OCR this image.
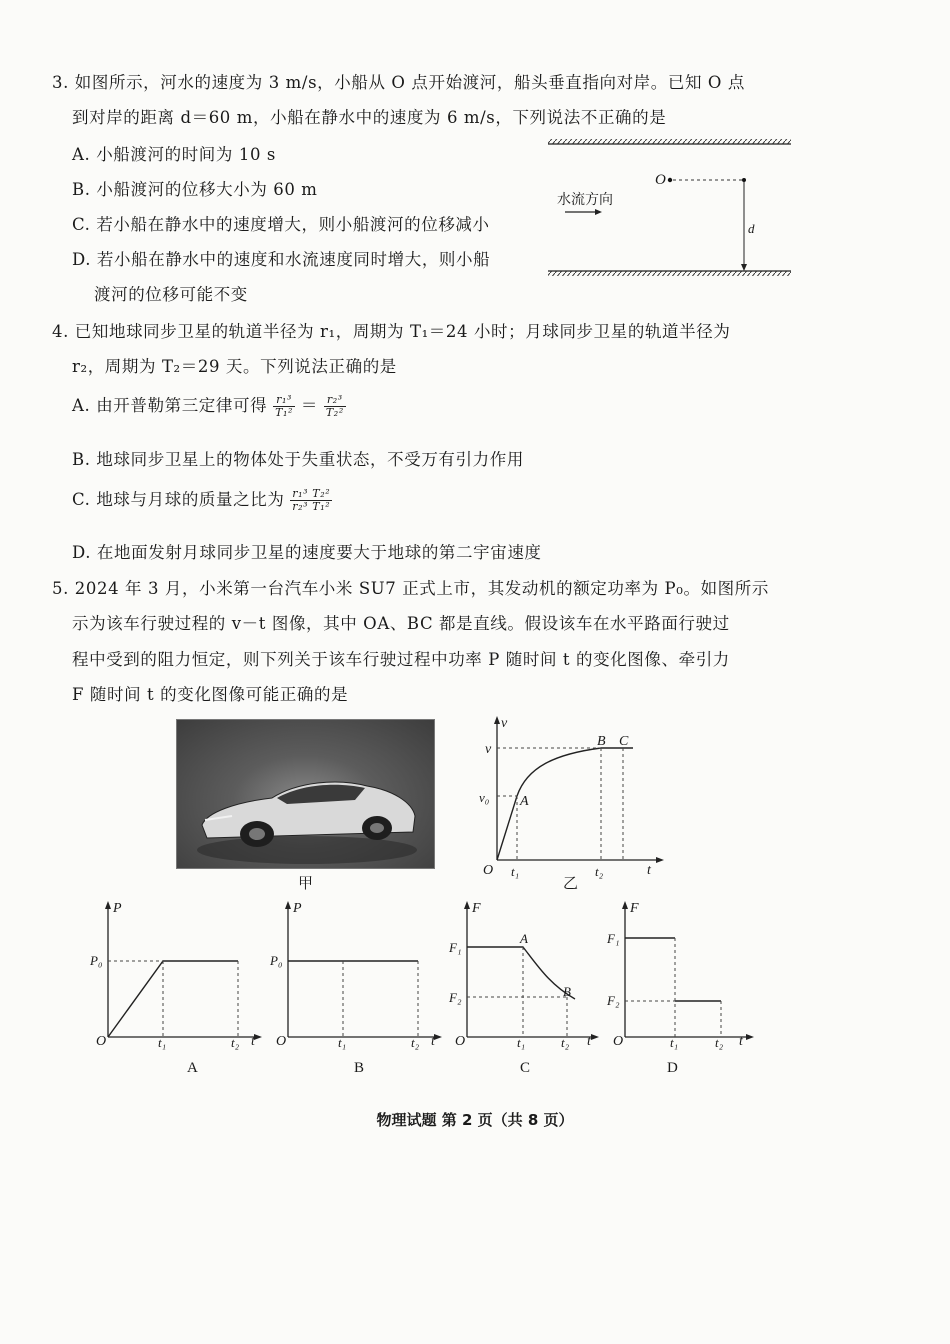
3. 如图所示，河水的速度为 3 m/s，小船从 O 点开始渡河，船头垂直指向对岸。已知 O 点
到对岸的距离 d＝60 m，小船在静水中的速度为 6 m/s，下列说法不正确的是
A. 小船渡河的时间为 10 s
B. 小船渡河的位移大小为 60 m
C. 若小船在静水中的速度增大，则小船渡河的位移减小
D. 若小船在静水中的速度和水流速度同时增大，则小船
渡河的位移可能不变
O
d
水流方向
4. 已知地球同步卫星的轨道半径为 r₁，周期为 T₁＝24 小时；月球同步卫星的轨道半径为
r₂，周期为 T₂＝29 天。下列说法正确的是
A. 由开普勒第三定律可得 $\frac{\text{r₁³}}{\text{T₁²}} = \frac{\text{r₂³}}{\text{T₂²}}$
B. 地球同步卫星上的物体处于失重状态，不受万有引力作用
C. 地球与月球的质量之比为 $\frac{\text{r₁³ T₂²}}{\text{r₂³ T₁²}}$
D. 在地面发射月球同步卫星的速度要大于地球的第二宇宙速度
5. 2024 年 3 月，小米第一台汽车小米 SU7 正式上市，其发动机的额定功率为 P₀。如图所示
示为该车行驶过程的 v－t 图像，其中 OA、BC 都是直线。假设该车在水平路面行驶过
程中受到的阻力恒定，则下列关于该车行驶过程中功率 P 随时间 t 的变化图像、牵引力
F 随时间 t 的变化图像可能正确的是
甲
v
v
v₀ A
B C
O t₁	t₂	t
乙
P
P₀
O	t₁	t₂ t
A
P
P₀
O	t₁	t₂ t
B
F
F₁
F₂
A
B
O	t₁	t₂ t
C
F
F₁
F₂
O	t₁	t₂ t
D
物理试题 第 2 页（共 8 页）
